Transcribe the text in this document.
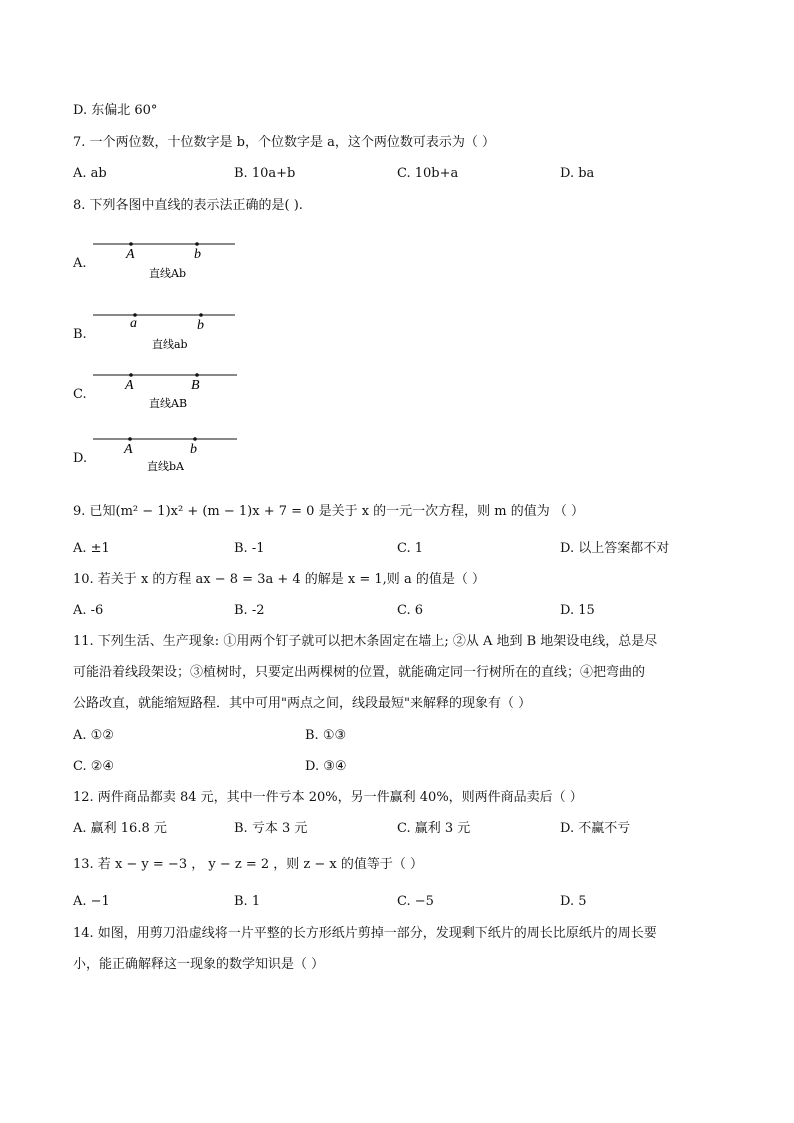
D. 东偏北 60°
7. 一个两位数，十位数字是 b，个位数字是 a，这个两位数可表示为（ ）
A. ab	B. 10a+b	C. 10b+a	D. ba
8. 下列各图中直线的表示法正确的是( ).
A.
A	b
直线Ab
B.
a	b
直线ab
C.
A	B
直线AB
D.
A	b
直线bA
9. 已知(m² − 1)x² + (m − 1)x + 7 = 0 是关于 x 的一元一次方程，则 m 的值为 （ ）
A. ±1	B. -1	C. 1	D. 以上答案都不对
10. 若关于 x 的方程 ax − 8 = 3a + 4 的解是 x = 1,则 a 的值是（ ）
A. -6	B. -2	C. 6	D. 15
11. 下列生活、生产现象: ①用两个钉子就可以把木条固定在墙上; ②从 A 地到 B 地架设电线，总是尽
可能沿着线段架设；③植树时，只要定出两棵树的位置，就能确定同一行树所在的直线；④把弯曲的
公路改直，就能缩短路程．其中可用"两点之间，线段最短"来解释的现象有（ ）
A. ①②	B. ①③
C. ②④	D. ③④
12. 两件商品都卖 84 元，其中一件亏本 20%，另一件赢利 40%，则两件商品卖后（ ）
A. 赢利 16.8 元	B. 亏本 3 元	C. 赢利 3 元	D. 不赢不亏
13. 若 x − y = −3 ， y − z = 2 ，则 z − x 的值等于（ ）
A. −1	B. 1	C. −5	D. 5
14. 如图，用剪刀沿虚线将一片平整的长方形纸片剪掉一部分，发现剩下纸片的周长比原纸片的周长要
小，能正确解释这一现象的数学知识是（ ）
